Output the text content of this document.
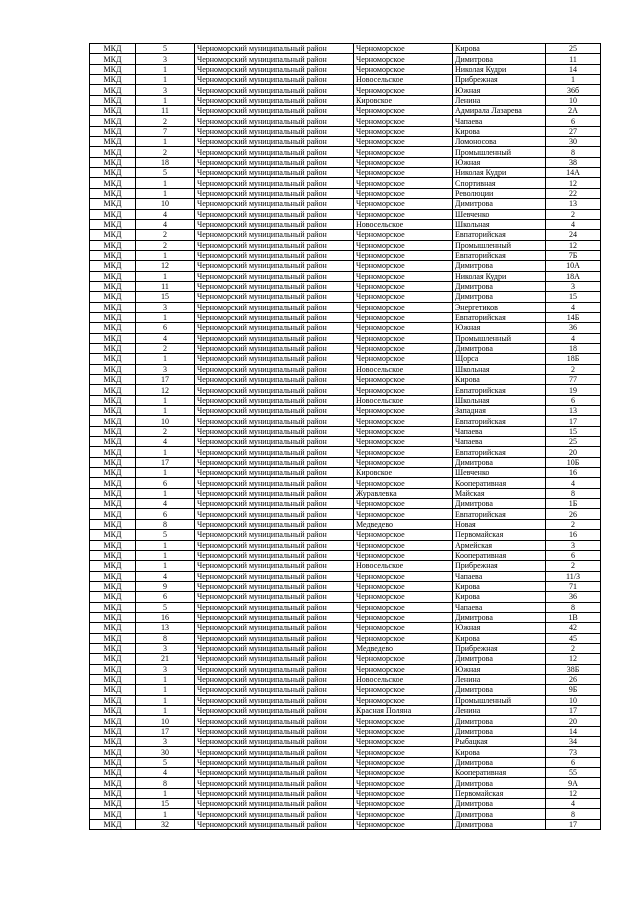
МКД	5	Черноморский муниципальный район	Черноморское	Кирова	25
МКД	3	Черноморский муниципальный район	Черноморское	Димитрова	11
МКД	1	Черноморский муниципальный район	Черноморское	Николая Кудри	14
МКД	1	Черноморский муниципальный район	Новосельское	Прибрежная	1
МКД	3	Черноморский муниципальный район	Черноморское	Южная	36б
МКД	1	Черноморский муниципальный район	Кировское	Ленина	10
МКД	11	Черноморский муниципальный район	Черноморское	Адмирала Лазарева	2А
МКД	2	Черноморский муниципальный район	Черноморское	Чапаева	6
МКД	7	Черноморский муниципальный район	Черноморское	Кирова	27
МКД	1	Черноморский муниципальный район	Черноморское	Ломоносова	30
МКД	2	Черноморский муниципальный район	Черноморское	Промышленный	8
МКД	18	Черноморский муниципальный район	Черноморское	Южная	38
МКД	5	Черноморский муниципальный район	Черноморское	Николая Кудри	14А
МКД	1	Черноморский муниципальный район	Черноморское	Спортивная	12
МКД	1	Черноморский муниципальный район	Черноморское	Революции	22
МКД	10	Черноморский муниципальный район	Черноморское	Димитрова	13
МКД	4	Черноморский муниципальный район	Черноморское	Шевченко	2
МКД	4	Черноморский муниципальный район	Новосельское	Школьная	4
МКД	2	Черноморский муниципальный район	Черноморское	Евпаторийская	24
МКД	2	Черноморский муниципальный район	Черноморское	Промышленный	12
МКД	1	Черноморский муниципальный район	Черноморское	Евпаторийская	7Б
МКД	12	Черноморский муниципальный район	Черноморское	Димитрова	10А
МКД	1	Черноморский муниципальный район	Черноморское	Николая Кудри	18А
МКД	11	Черноморский муниципальный район	Черноморское	Димитрова	3
МКД	15	Черноморский муниципальный район	Черноморское	Димитрова	15
МКД	3	Черноморский муниципальный район	Черноморское	Энергетиков	4
МКД	1	Черноморский муниципальный район	Черноморское	Евпаторийская	14Б
МКД	6	Черноморский муниципальный район	Черноморское	Южная	36
МКД	4	Черноморский муниципальный район	Черноморское	Промышленный	4
МКД	2	Черноморский муниципальный район	Черноморское	Димитрова	18
МКД	1	Черноморский муниципальный район	Черноморское	Щорса	18Б
МКД	3	Черноморский муниципальный район	Новосельское	Школьная	2
МКД	17	Черноморский муниципальный район	Черноморское	Кирова	77
МКД	12	Черноморский муниципальный район	Черноморское	Евпаторийская	19
МКД	1	Черноморский муниципальный район	Новосельское	Школьная	6
МКД	1	Черноморский муниципальный район	Черноморское	Западная	13
МКД	10	Черноморский муниципальный район	Черноморское	Евпаторийская	17
МКД	2	Черноморский муниципальный район	Черноморское	Чапаева	15
МКД	4	Черноморский муниципальный район	Черноморское	Чапаева	25
МКД	1	Черноморский муниципальный район	Черноморское	Евпаторийская	20
МКД	17	Черноморский муниципальный район	Черноморское	Димитрова	10Б
МКД	1	Черноморский муниципальный район	Кировское	Шевченко	16
МКД	6	Черноморский муниципальный район	Черноморское	Кооперативная	4
МКД	1	Черноморский муниципальный район	Журавлевка	Майская	8
МКД	4	Черноморский муниципальный район	Черноморское	Димитрова	1Б
МКД	6	Черноморский муниципальный район	Черноморское	Евпаторийская	26
МКД	8	Черноморский муниципальный район	Медведево	Новая	2
МКД	5	Черноморский муниципальный район	Черноморское	Первомайская	16
МКД	1	Черноморский муниципальный район	Черноморское	Армейская	3
МКД	1	Черноморский муниципальный район	Черноморское	Кооперативная	6
МКД	1	Черноморский муниципальный район	Новосельское	Прибрежная	2
МКД	4	Черноморский муниципальный район	Черноморское	Чапаева	11/3
МКД	9	Черноморский муниципальный район	Черноморское	Кирова	71
МКД	6	Черноморский муниципальный район	Черноморское	Кирова	36
МКД	5	Черноморский муниципальный район	Черноморское	Чапаева	8
МКД	16	Черноморский муниципальный район	Черноморское	Димитрова	1В
МКД	13	Черноморский муниципальный район	Черноморское	Южная	42
МКД	8	Черноморский муниципальный район	Черноморское	Кирова	45
МКД	3	Черноморский муниципальный район	Медведево	Прибрежная	2
МКД	21	Черноморский муниципальный район	Черноморское	Димитрова	12
МКД	3	Черноморский муниципальный район	Черноморское	Южная	38Б
МКД	1	Черноморский муниципальный район	Новосельское	Ленина	26
МКД	1	Черноморский муниципальный район	Черноморское	Димитрова	9Б
МКД	1	Черноморский муниципальный район	Черноморское	Промышленный	10
МКД	1	Черноморский муниципальный район	Красная Поляна	Ленина	17
МКД	10	Черноморский муниципальный район	Черноморское	Димитрова	20
МКД	17	Черноморский муниципальный район	Черноморское	Димитрова	14
МКД	3	Черноморский муниципальный район	Черноморское	Рыбацкая	34
МКД	30	Черноморский муниципальный район	Черноморское	Кирова	73
МКД	5	Черноморский муниципальный район	Черноморское	Димитрова	6
МКД	4	Черноморский муниципальный район	Черноморское	Кооперативная	55
МКД	8	Черноморский муниципальный район	Черноморское	Димитрова	9А
МКД	1	Черноморский муниципальный район	Черноморское	Первомайская	12
МКД	15	Черноморский муниципальный район	Черноморское	Димитрова	4
МКД	1	Черноморский муниципальный район	Черноморское	Димитрова	8
МКД	32	Черноморский муниципальный район	Черноморское	Димитрова	17
